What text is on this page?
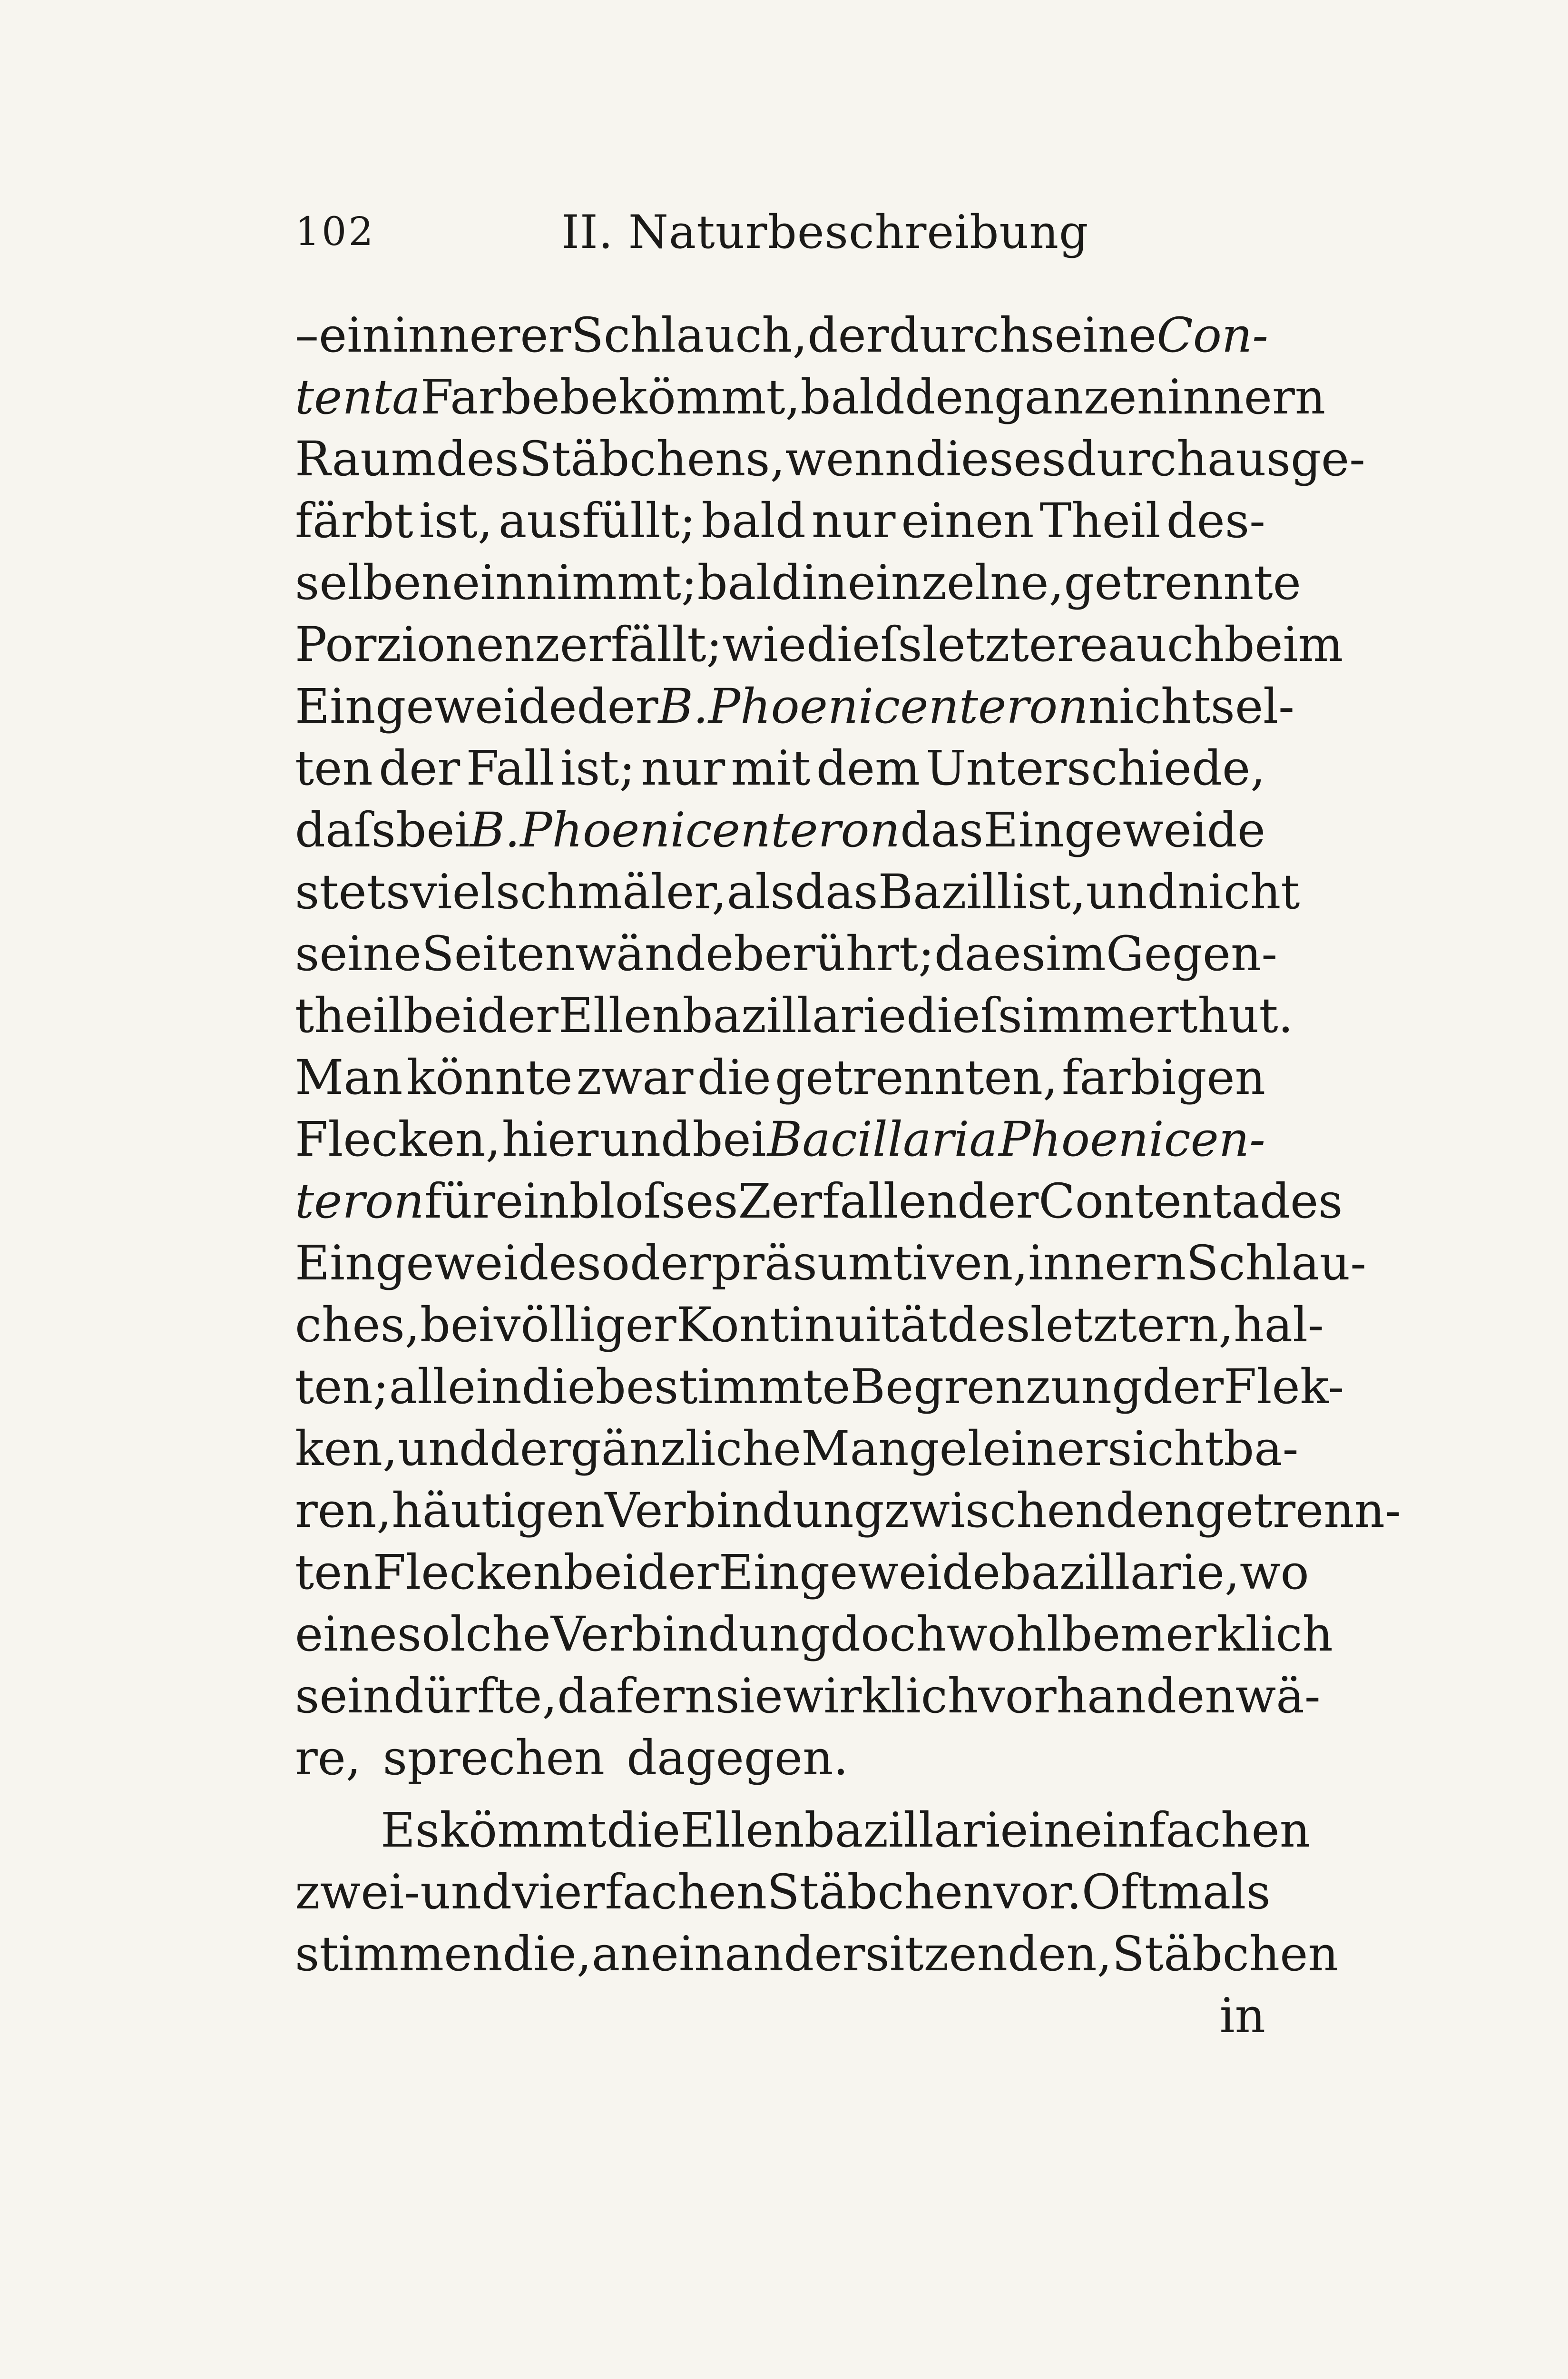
102	II. Naturbeschreibung
– ein innerer Schlauch, der durch seine Con-
tenta Farbe bekömmt, bald den ganzen innern
Raum des Stäbchens, wenn dieses durchaus ge-
färbt ist, ausfüllt; bald nur einen Theil des-
selben einnimmt; bald in einzelne, getrennte
Porzionen zerfällt; wie dieſs letztere auch beim
Eingeweide der B. Phoenicenteron nicht sel-
ten der Fall ist; nur mit dem Unterschiede,
daſs bei B. Phoenicenteron das Eingeweide
stets viel schmäler, als das Bazill ist, und nicht
seine Seitenwände berührt; da es im Gegen-
theil bei der Ellenbazillarie dieſs immer thut.
Man könnte zwar die getrennten, farbigen
Flecken, hier und bei Bacillaria Phoenicen-
teron für ein bloſses Zerfallen der Contenta des
Eingeweides oder präsumtiven, innern Schlau-
ches, bei völliger Kontinuität des letztern, hal-
ten; allein die bestimmte Begrenzung der Flek-
ken, und der gänzliche Mangel einer sichtba-
ren, häutigen Verbindung zwischen den getrenn-
ten Flecken bei der Eingeweidebazillarie, wo
eine solche Verbindung doch wohl bemerklich
sein dürfte, dafern sie wirklich vorhanden wä-
re, sprechen dagegen.
Es kömmt die Ellenbazillarie in einfachen
zwei- und vierfachen Stäbchen vor. Oftmals
stimmen die, an einander sitzenden, Stäbchen
in
